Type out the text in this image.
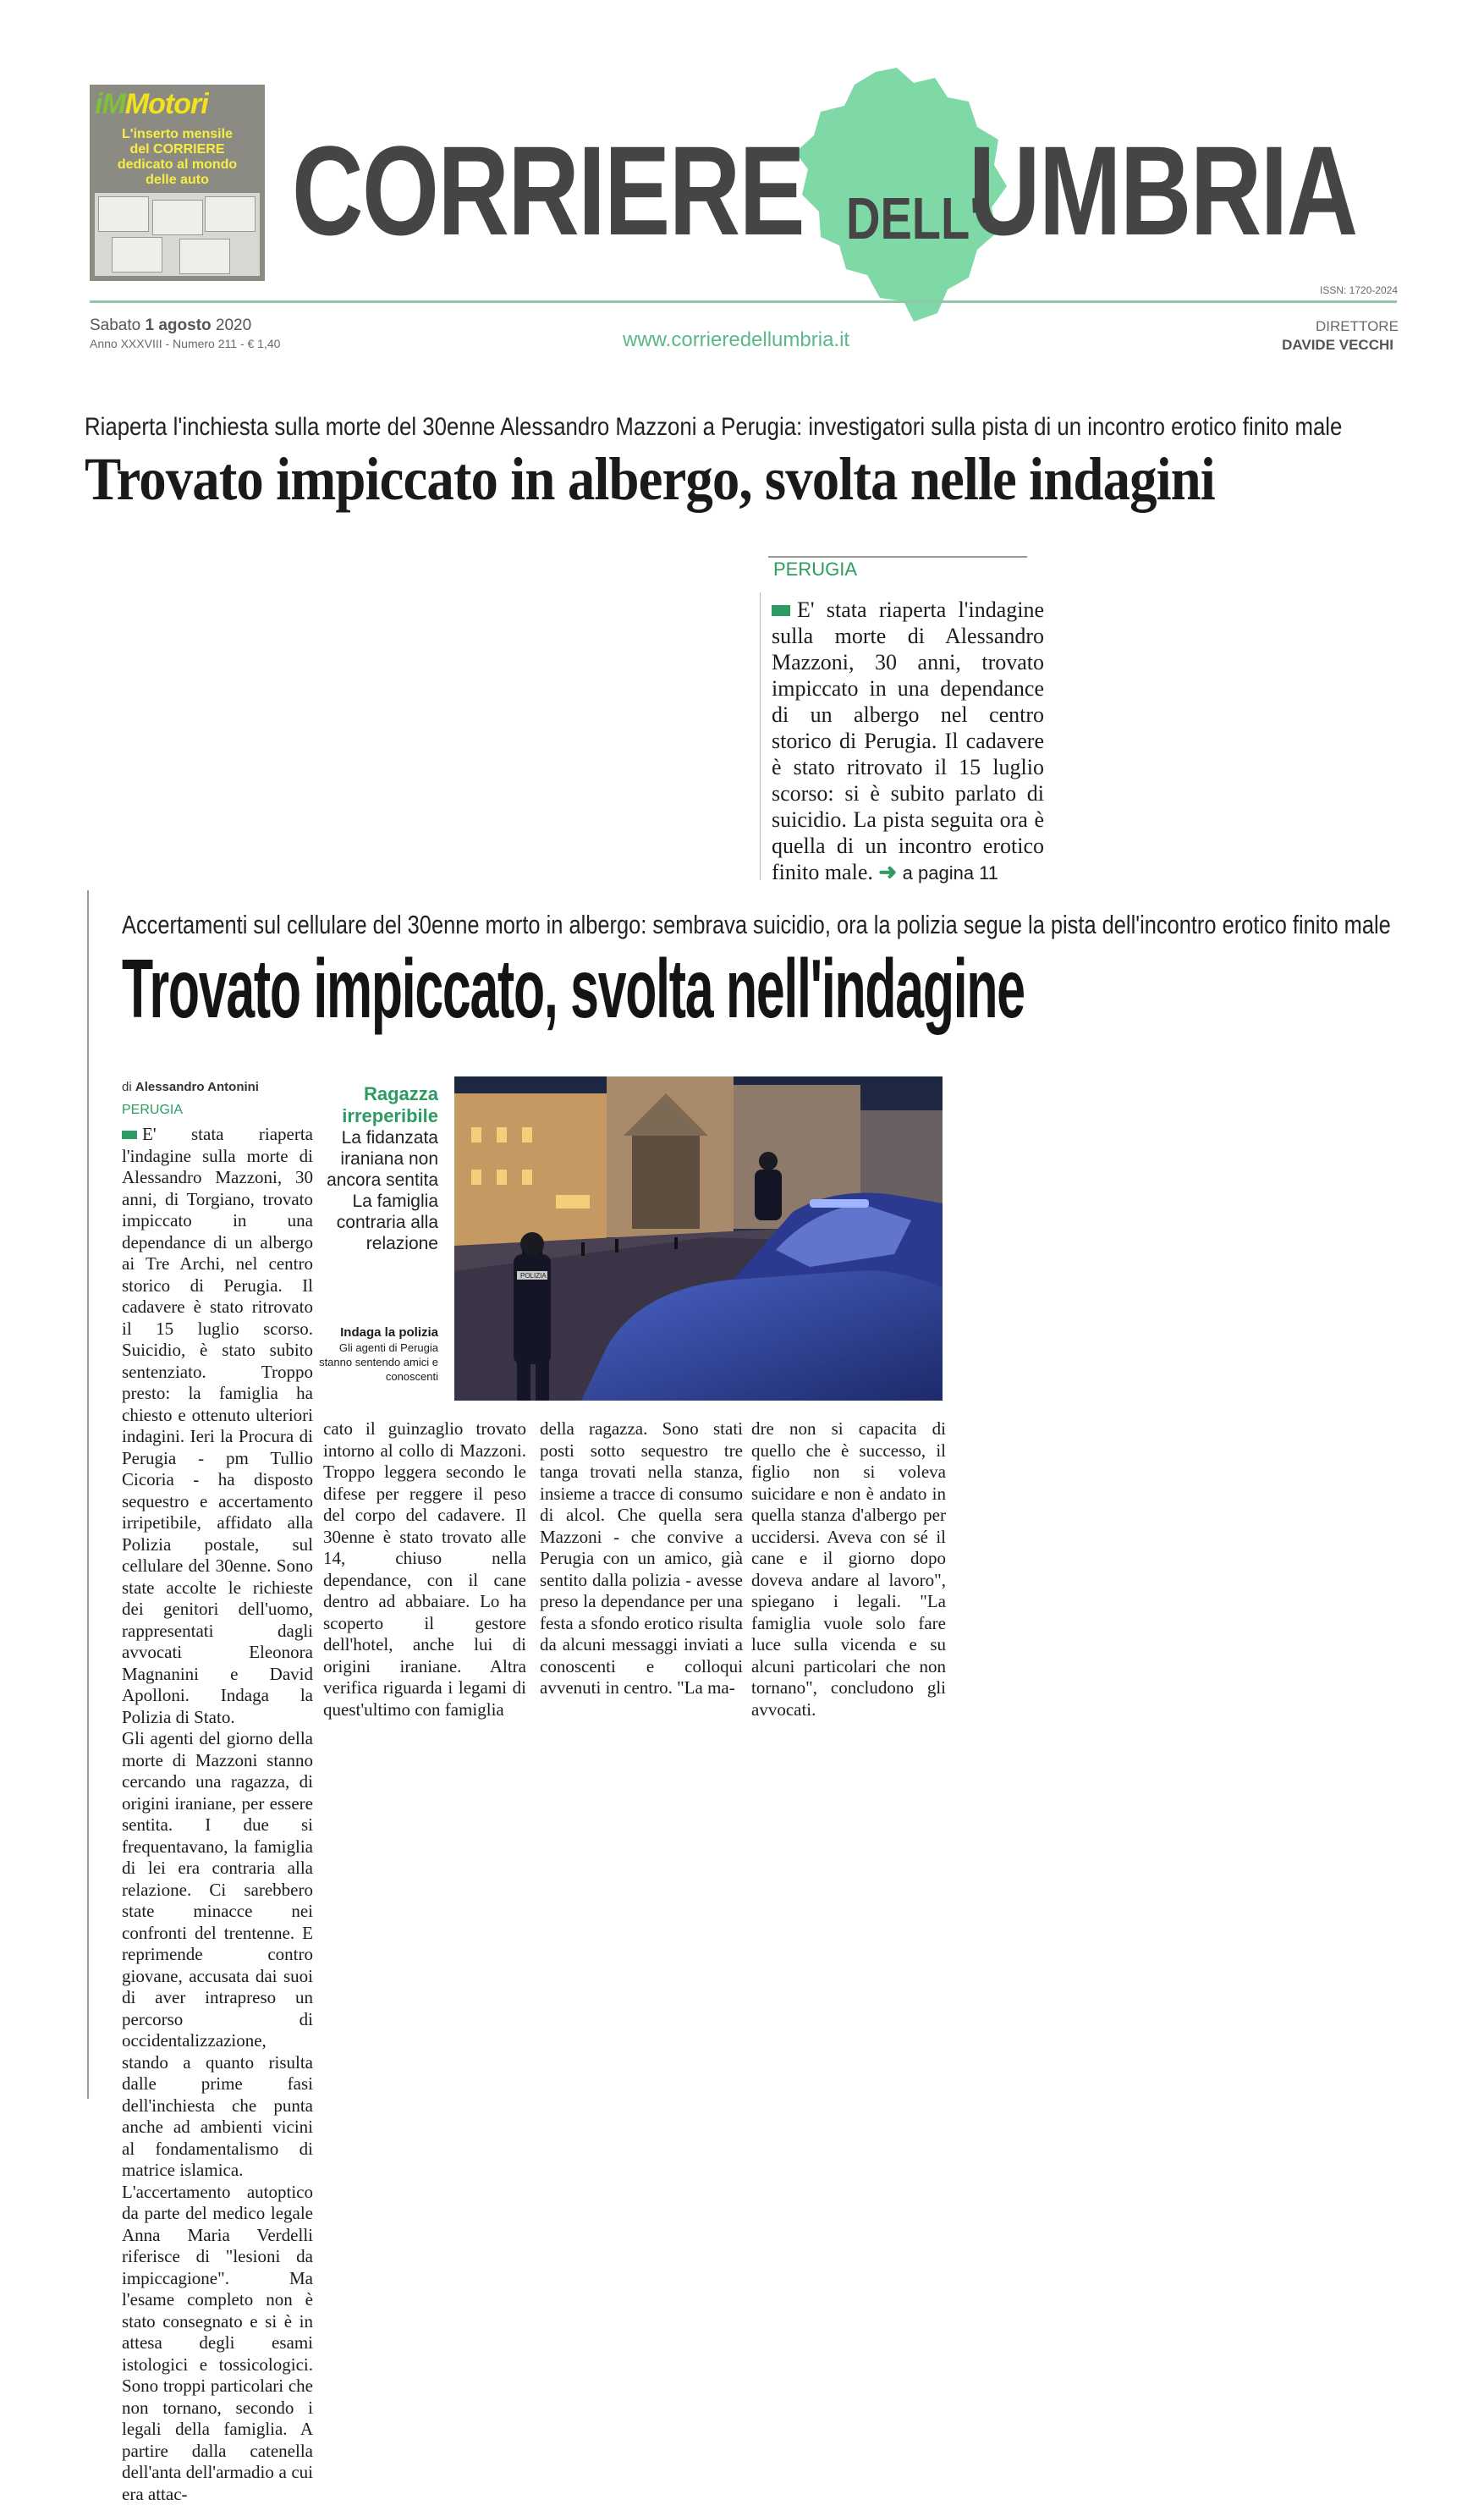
iMMotori
L'inserto mensile
del CORRIERE
dedicato al mondo
delle auto CORRIERE UMBRIA
DELL'
ISSN: 1720-2024
Sabato 1 agosto 2020
Anno XXXVIII - Numero 211 - € 1,40	www.corrieredellumbria.it
DIRETTORE
DAVIDE VECCHI
Riaperta l'inchiesta sulla morte del 30enne Alessandro Mazzoni a Perugia: investigatori sulla pista di un incontro erotico finito male
Trovato impiccato in albergo, svolta nelle indagini
PERUGIA
E' stata riaperta l'indagine sulla morte di Alessandro Mazzoni, 30 anni, trovato impiccato in una dependance di un albergo nel centro storico di Perugia. Il cadavere è stato ritrovato il 15 luglio scorso: si è subito parlato di suicidio. La pista seguita ora è quella di un incontro erotico finito male. ➜ a pagina 11
Accertamenti sul cellulare del 30enne morto in albergo: sembrava suicidio, ora la polizia segue la pista dell'incontro erotico finito male
Trovato impiccato, svolta nell'indagine
di Alessandro Antonini
PERUGIA
Ragazza irreperibile
La fidanzata iraniana non ancora sentita
La famiglia contraria alla relazione
Indaga la polizia
Gli agenti di Perugia stanno sentendo amici e conoscenti
POLIZIA
E' stata riaperta l'indagine sulla morte di Alessandro Mazzoni, 30 anni, di Torgiano, trovato impiccato in una dependance di un albergo ai Tre Archi, nel centro storico di Perugia. Il cadavere è stato ritrovato il 15 luglio scorso. Suicidio, è stato subito sentenziato. Troppo presto: la famiglia ha chiesto e ottenuto ulteriori indagini. Ieri la Procura di Perugia - pm Tullio Cicoria - ha disposto sequestro e accertamento irripetibile, affidato alla Polizia postale, sul cellulare del 30enne. Sono state accolte le richieste dei genitori dell'uomo, rappresentati dagli avvocati Eleonora Magnanini e David Apolloni. Indaga la Polizia di Stato.
Gli agenti del giorno della morte di Mazzoni stanno cercando una ragazza, di origini iraniane, per essere sentita. I due si frequentavano, la famiglia di lei era contraria alla relazione. Ci sarebbero state minacce nei confronti del trentenne. E reprimende contro giovane, accusata dai suoi di aver intrapreso un percorso di occidentalizzazione, stando a quanto risulta dalle prime fasi dell'inchiesta che punta anche ad ambienti vicini al fondamentalismo di matrice islamica.
L'accertamento autoptico da parte del medico legale Anna Maria Verdelli riferisce di "lesioni da impiccagione". Ma l'esame completo non è stato consegnato e si è in attesa degli esami istologici e tossicologici. Sono troppi particolari che non tornano, secondo i legali della famiglia. A partire dalla catenella dell'anta dell'armadio a cui era attac-
cato il guinzaglio trovato intorno al collo di Mazzoni. Troppo leggera secondo le difese per reggere il peso del corpo del cadavere. Il 30enne è stato trovato alle 14, chiuso nella dependance, con il cane dentro ad abbaiare. Lo ha scoperto il gestore dell'hotel, anche lui di origini iraniane. Altra verifica riguarda i legami di quest'ultimo con famiglia
della ragazza. Sono stati posti sotto sequestro tre tanga trovati nella stanza, insieme a tracce di consumo di alcol. Che quella sera Mazzoni - che convive a Perugia con un amico, già sentito dalla polizia - avesse preso la dependance per una festa a sfondo erotico risulta da alcuni messaggi inviati a conoscenti e colloqui avvenuti in centro. "La ma-
dre non si capacita di quello che è successo, il figlio non si voleva suicidare e non è andato in quella stanza d'albergo per uccidersi. Aveva con sé il cane e il giorno dopo doveva andare al lavoro", spiegano i legali. "La famiglia vuole solo fare luce sulla vicenda e su alcuni particolari che non tornano", concludono gli avvocati.
